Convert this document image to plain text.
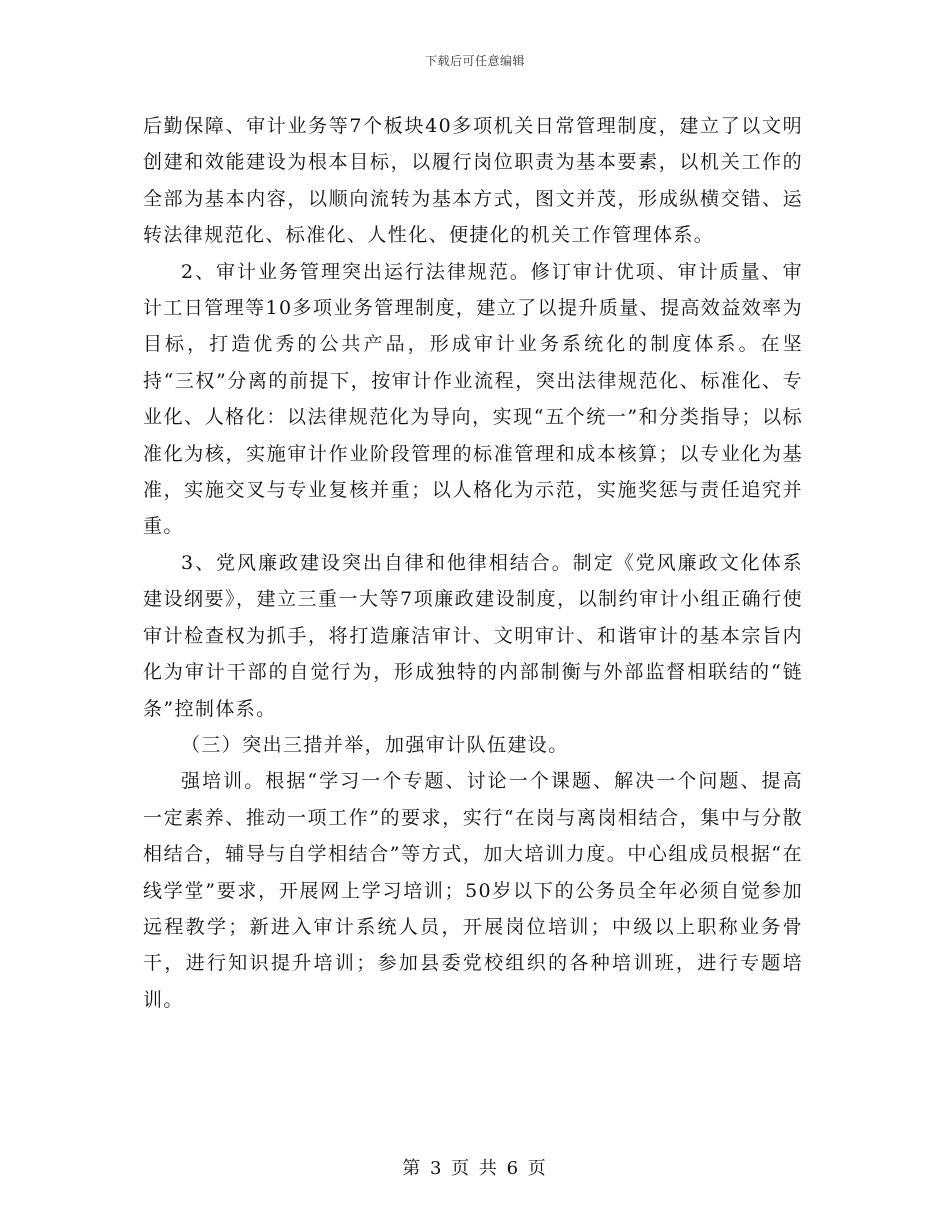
下载后可任意编辑

后勤保障、审计业务等7个板块40多项机关日常管理制度，建立了以文明创建和效能建设为根本目标，以履行岗位职责为基本要素，以机关工作的全部为基本内容，以顺向流转为基本方式，图文并茂，形成纵横交错、运转法律规范化、标准化、人性化、便捷化的机关工作管理体系。

2、审计业务管理突出运行法律规范。修订审计优项、审计质量、审计工日管理等10多项业务管理制度，建立了以提升质量、提高效益效率为目标，打造优秀的公共产品，形成审计业务系统化的制度体系。在坚持“三权”分离的前提下，按审计作业流程，突出法律规范化、标准化、专业化、人格化：以法律规范化为导向，实现“五个统一”和分类指导；以标准化为核，实施审计作业阶段管理的标准管理和成本核算；以专业化为基准，实施交叉与专业复核并重；以人格化为示范，实施奖惩与责任追究并重。

3、党风廉政建设突出自律和他律相结合。制定《党风廉政文化体系建设纲要》，建立三重一大等7项廉政建设制度，以制约审计小组正确行使审计检查权为抓手，将打造廉洁审计、文明审计、和谐审计的基本宗旨内化为审计干部的自觉行为，形成独特的内部制衡与外部监督相联结的“链条”控制体系。

（三）突出三措并举，加强审计队伍建设。

强培训。根据“学习一个专题、讨论一个课题、解决一个问题、提高一定素养、推动一项工作”的要求，实行“在岗与离岗相结合，集中与分散相结合，辅导与自学相结合”等方式，加大培训力度。中心组成员根据“在线学堂”要求，开展网上学习培训；50岁以下的公务员全年必须自觉参加远程教学；新进入审计系统人员，开展岗位培训；中级以上职称业务骨干，进行知识提升培训；参加县委党校组织的各种培训班，进行专题培训。

第 3 页 共 6 页
